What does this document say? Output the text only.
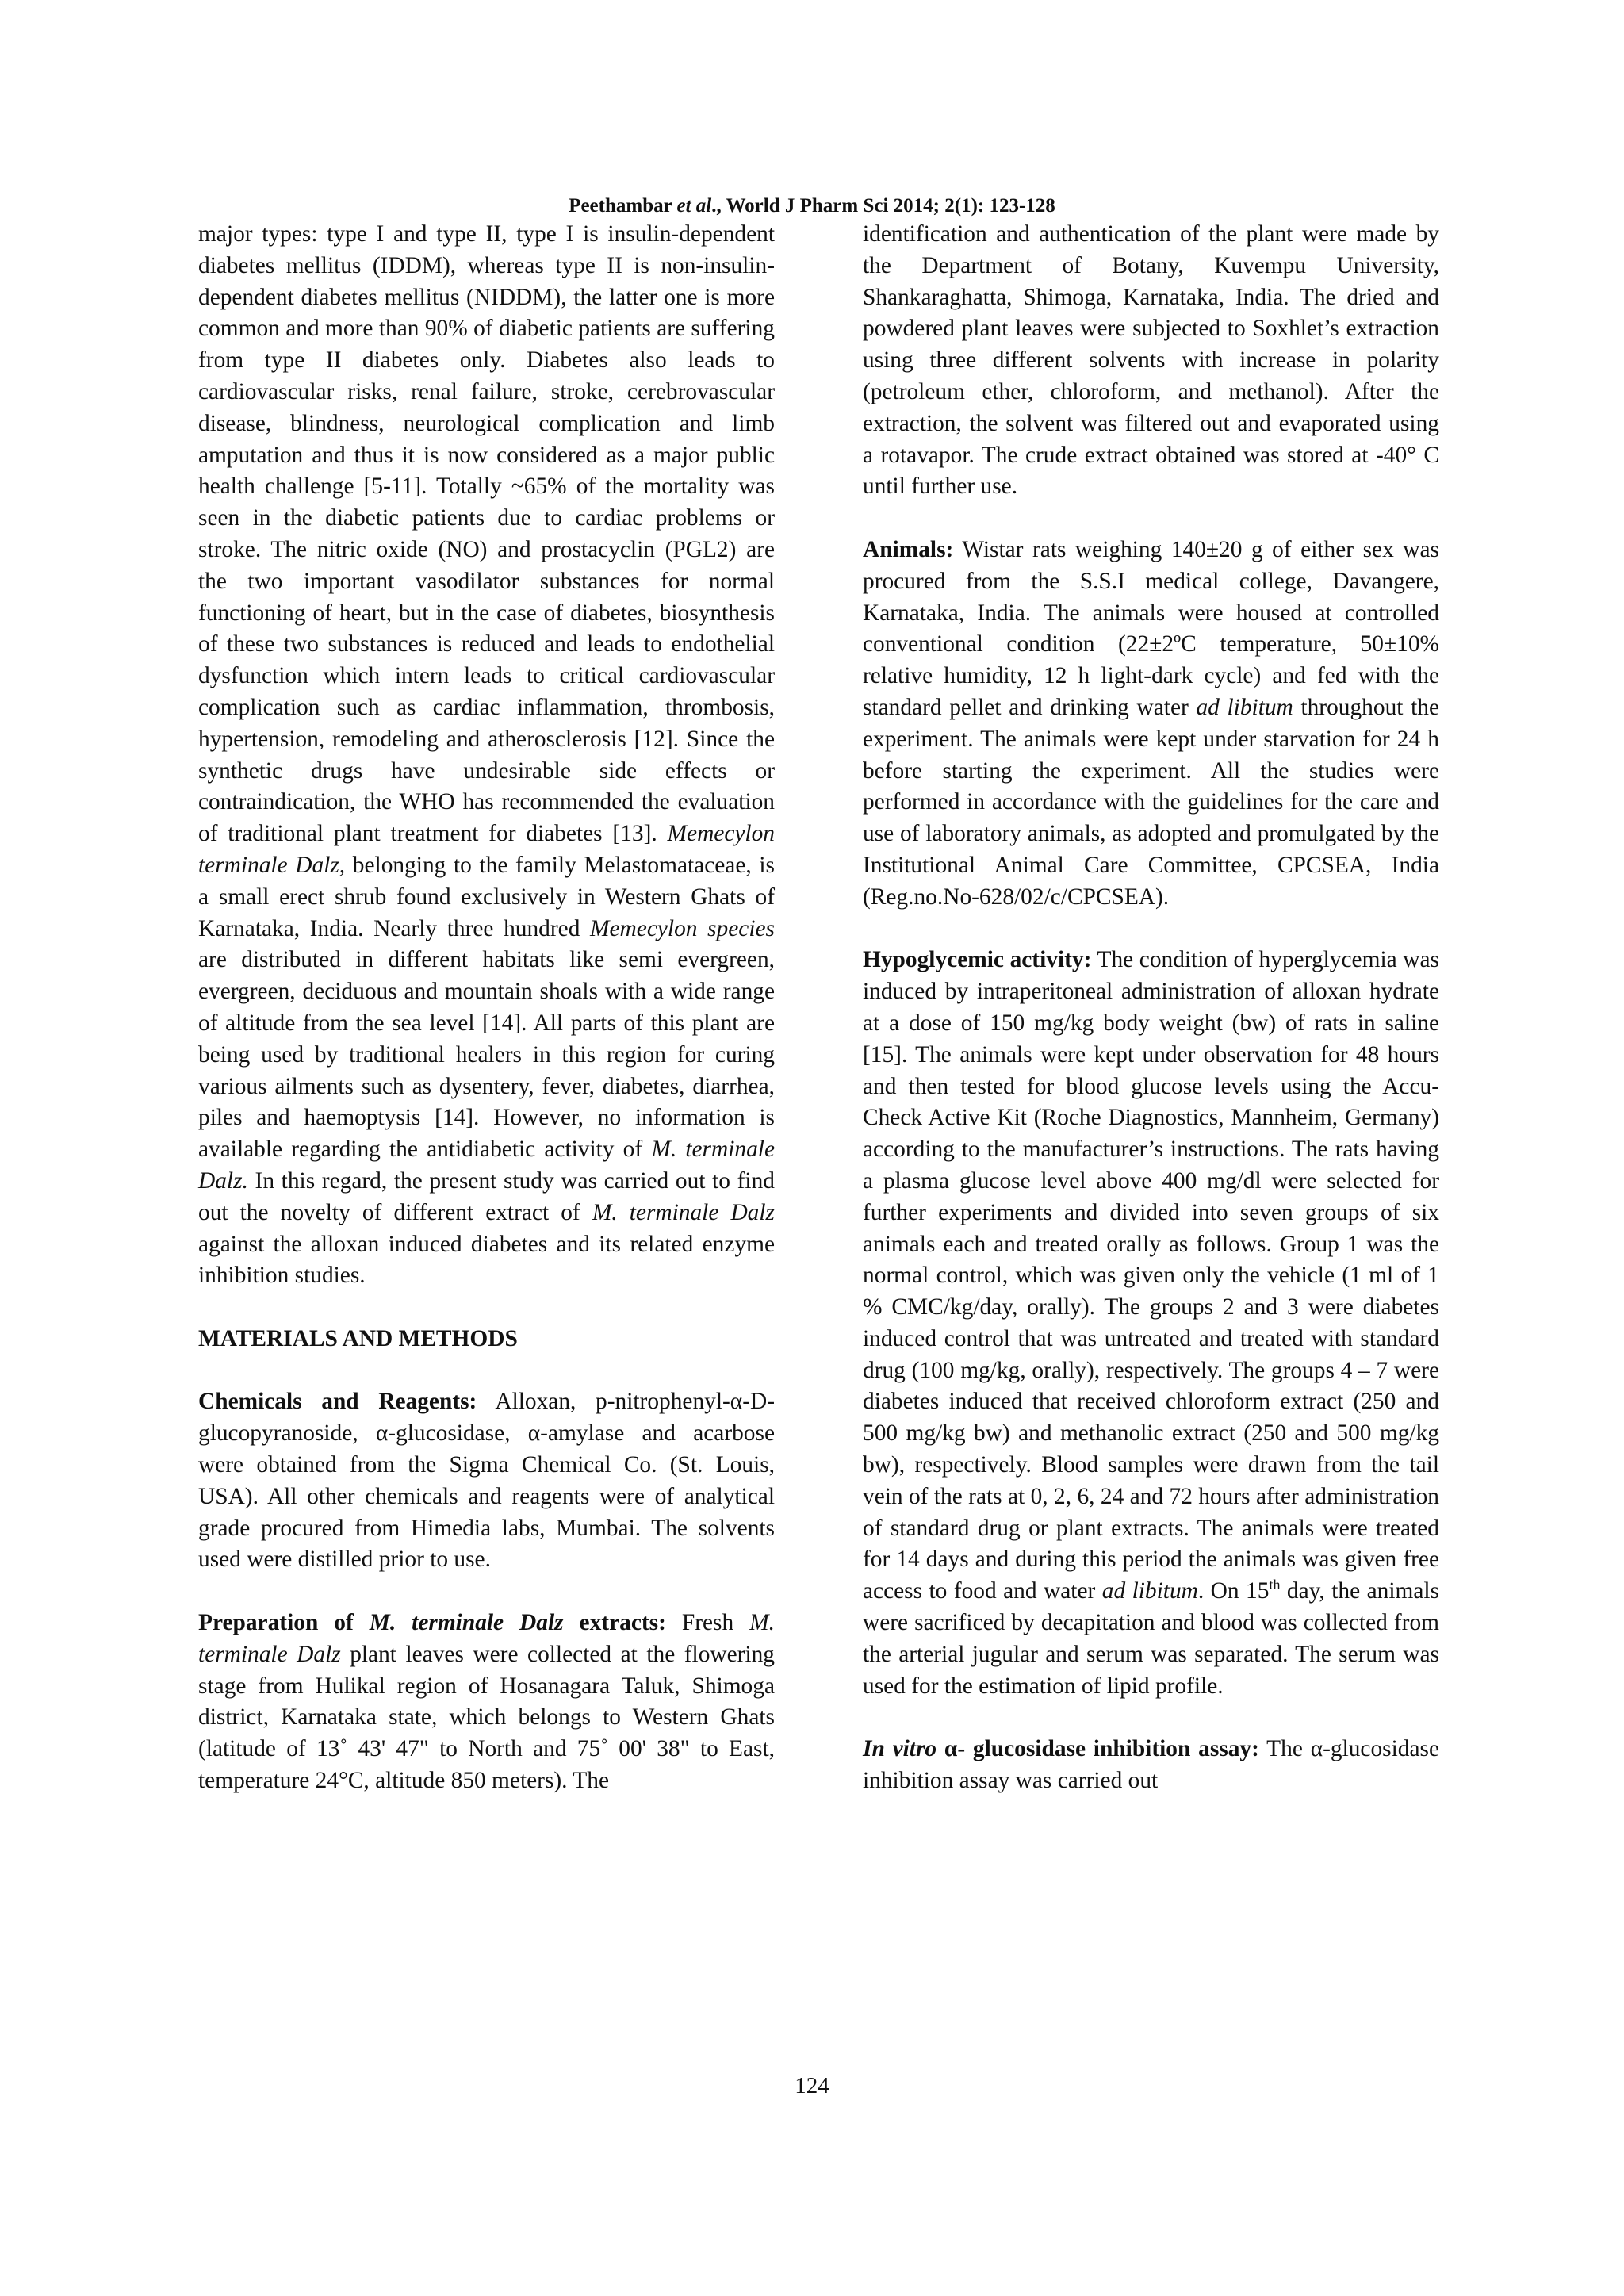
Peethambar et al., World J Pharm Sci 2014; 2(1): 123-128

major types: type I and type II, type I is insulin-dependent diabetes mellitus (IDDM), whereas type II is non-insulin-dependent diabetes mellitus (NIDDM), the latter one is more common and more than 90% of diabetic patients are suffering from type II diabetes only. Diabetes also leads to cardiovascular risks, renal failure, stroke, cerebrovascular disease, blindness, neurological complication and limb amputation and thus it is now considered as a major public health challenge [5-11]. Totally ~65% of the mortality was seen in the diabetic patients due to cardiac problems or stroke. The nitric oxide (NO) and prostacyclin (PGL2) are the two important vasodilator substances for normal functioning of heart, but in the case of diabetes, biosynthesis of these two substances is reduced and leads to endothelial dysfunction which intern leads to critical cardiovascular complication such as cardiac inflammation, thrombosis, hypertension, remodeling and atherosclerosis [12]. Since the synthetic drugs have undesirable side effects or contraindication, the WHO has recommended the evaluation of traditional plant treatment for diabetes [13]. Memecylon terminale Dalz, belonging to the family Melastomataceae, is a small erect shrub found exclusively in Western Ghats of Karnataka, India. Nearly three hundred Memecylon species are distributed in different habitats like semi evergreen, evergreen, deciduous and mountain shoals with a wide range of altitude from the sea level [14]. All parts of this plant are being used by traditional healers in this region for curing various ailments such as dysentery, fever, diabetes, diarrhea, piles and haemoptysis [14]. However, no information is available regarding the antidiabetic activity of M. terminale Dalz. In this regard, the present study was carried out to find out the novelty of different extract of M. terminale Dalz against the alloxan induced diabetes and its related enzyme inhibition studies.

MATERIALS AND METHODS

Chemicals and Reagents: Alloxan, p-nitrophenyl-α-D-glucopyranoside, α-glucosidase, α-amylase and acarbose were obtained from the Sigma Chemical Co. (St. Louis, USA). All other chemicals and reagents were of analytical grade procured from Himedia labs, Mumbai. The solvents used were distilled prior to use.

Preparation of M. terminale Dalz extracts: Fresh M. terminale Dalz plant leaves were collected at the flowering stage from Hulikal region of Hosanagara Taluk, Shimoga district, Karnataka state, which belongs to Western Ghats (latitude of 13˚ 43' 47" to North and 75˚ 00' 38" to East, temperature 24°C, altitude 850 meters). The

identification and authentication of the plant were made by the Department of Botany, Kuvempu University, Shankaraghatta, Shimoga, Karnataka, India. The dried and powdered plant leaves were subjected to Soxhlet’s extraction using three different solvents with increase in polarity (petroleum ether, chloroform, and methanol). After the extraction, the solvent was filtered out and evaporated using a rotavapor. The crude extract obtained was stored at -40° C until further use.

Animals: Wistar rats weighing 140±20 g of either sex was procured from the S.S.I medical college, Davangere, Karnataka, India. The animals were housed at controlled conventional condition (22±2ºC temperature, 50±10% relative humidity, 12 h light-dark cycle) and fed with the standard pellet and drinking water ad libitum throughout the experiment. The animals were kept under starvation for 24 h before starting the experiment. All the studies were performed in accordance with the guidelines for the care and use of laboratory animals, as adopted and promulgated by the Institutional Animal Care Committee, CPCSEA, India (Reg.no.No-628/02/c/CPCSEA).

Hypoglycemic activity: The condition of hyperglycemia was induced by intraperitoneal administration of alloxan hydrate at a dose of 150 mg/kg body weight (bw) of rats in saline [15]. The animals were kept under observation for 48 hours and then tested for blood glucose levels using the Accu-Check Active Kit (Roche Diagnostics, Mannheim, Germany) according to the manufacturer’s instructions. The rats having a plasma glucose level above 400 mg/dl were selected for further experiments and divided into seven groups of six animals each and treated orally as follows. Group 1 was the normal control, which was given only the vehicle (1 ml of 1 % CMC/kg/day, orally). The groups 2 and 3 were diabetes induced control that was untreated and treated with standard drug (100 mg/kg, orally), respectively. The groups 4 – 7 were diabetes induced that received chloroform extract (250 and 500 mg/kg bw) and methanolic extract (250 and 500 mg/kg bw), respectively. Blood samples were drawn from the tail vein of the rats at 0, 2, 6, 24 and 72 hours after administration of standard drug or plant extracts. The animals were treated for 14 days and during this period the animals was given free access to food and water ad libitum. On 15th day, the animals were sacrificed by decapitation and blood was collected from the arterial jugular and serum was separated. The serum was used for the estimation of lipid profile.

In vitro α- glucosidase inhibition assay: The α-glucosidase inhibition assay was carried out

124
